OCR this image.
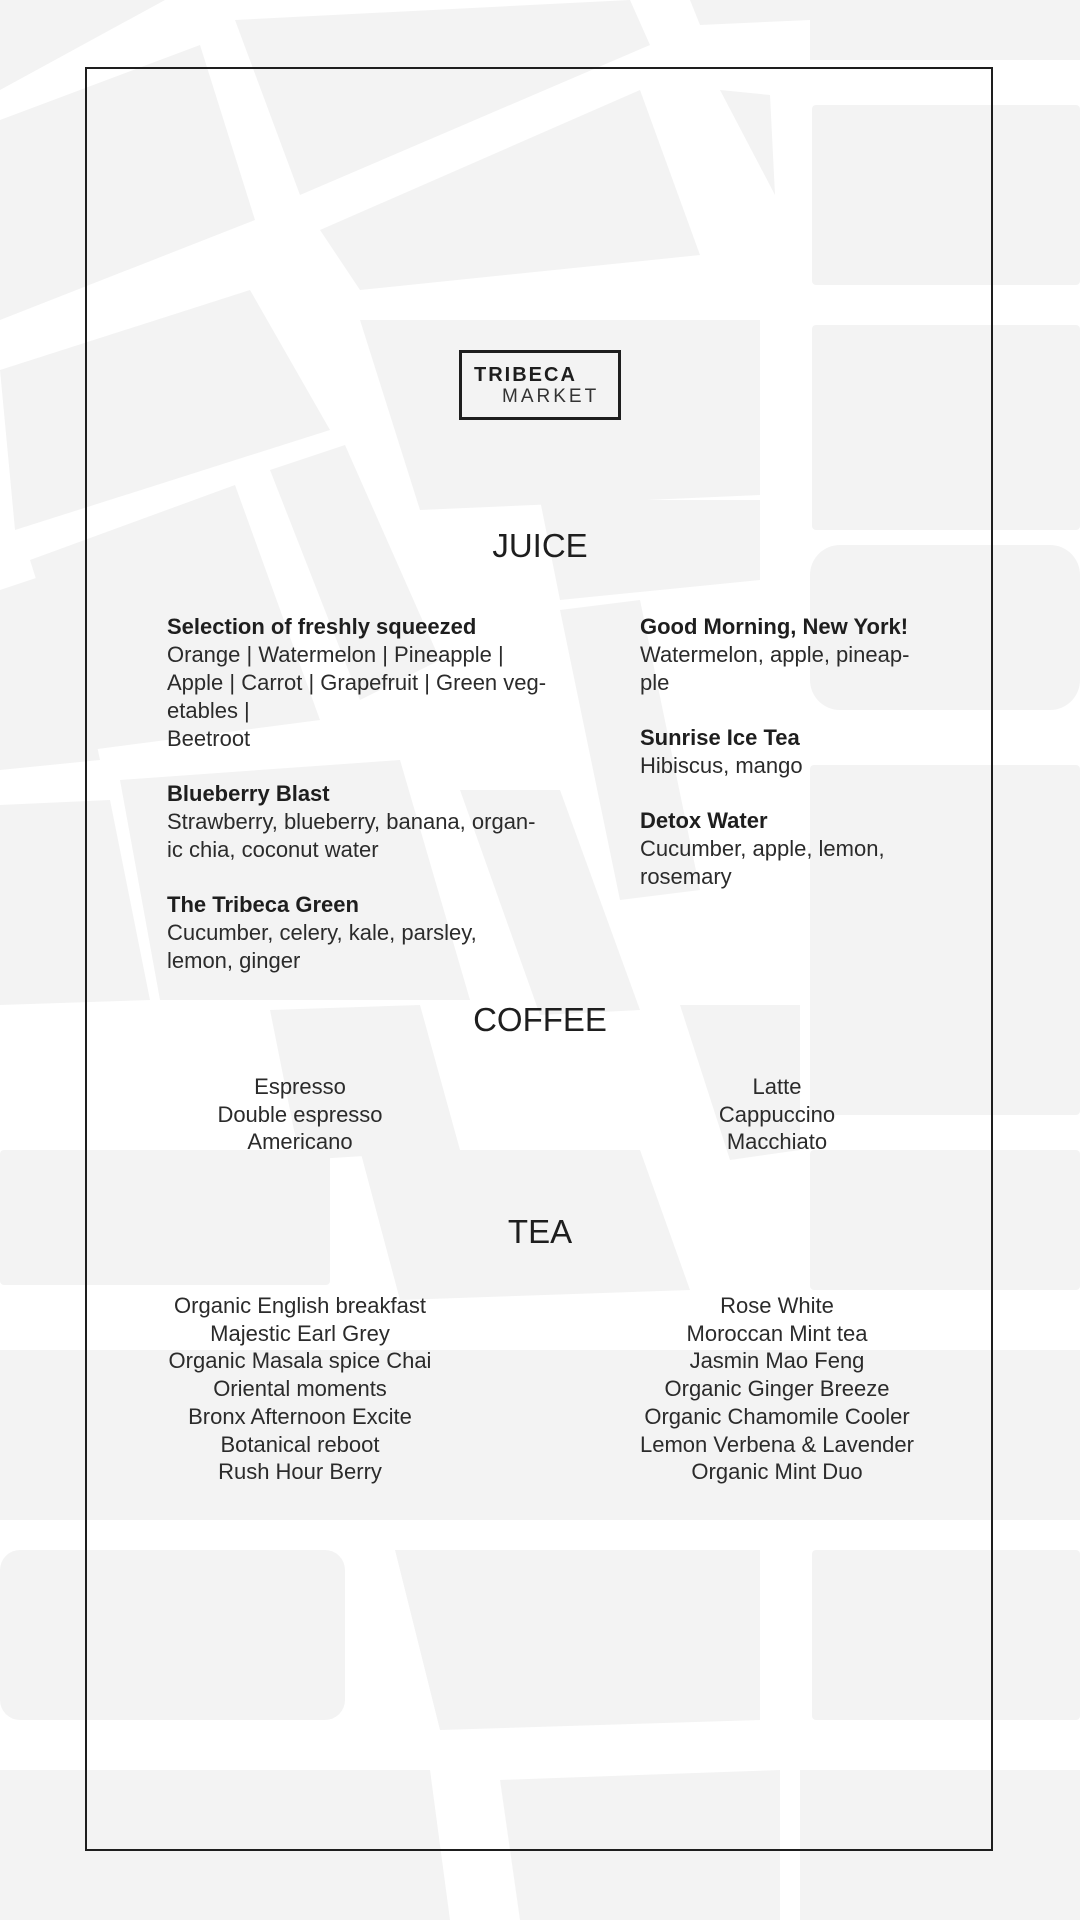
TRIBECA
MARKET
JUICE
Selection of freshly squeezed
Orange | Watermelon | Pineapple |
Apple | Carrot | Grapefruit | Green veg-
etables |
Beetroot
Blueberry Blast
Strawberry, blueberry, banana, organ-
ic chia, coconut water
The Tribeca Green
Cucumber, celery, kale, parsley,
lemon, ginger
Good Morning, New York!
Watermelon, apple, pineap-
ple
Sunrise Ice Tea
Hibiscus, mango
Detox Water
Cucumber, apple, lemon,
rosemary
COFFEE
Espresso
Double espresso
Americano
Latte
Cappuccino
Macchiato
TEA
Organic English breakfast
Majestic Earl Grey
Organic Masala spice Chai
Oriental moments
Bronx Afternoon Excite
Botanical reboot
Rush Hour Berry
Rose White
Moroccan Mint tea
Jasmin Mao Feng
Organic Ginger Breeze
Organic Chamomile Cooler
Lemon Verbena & Lavender
Organic Mint Duo
